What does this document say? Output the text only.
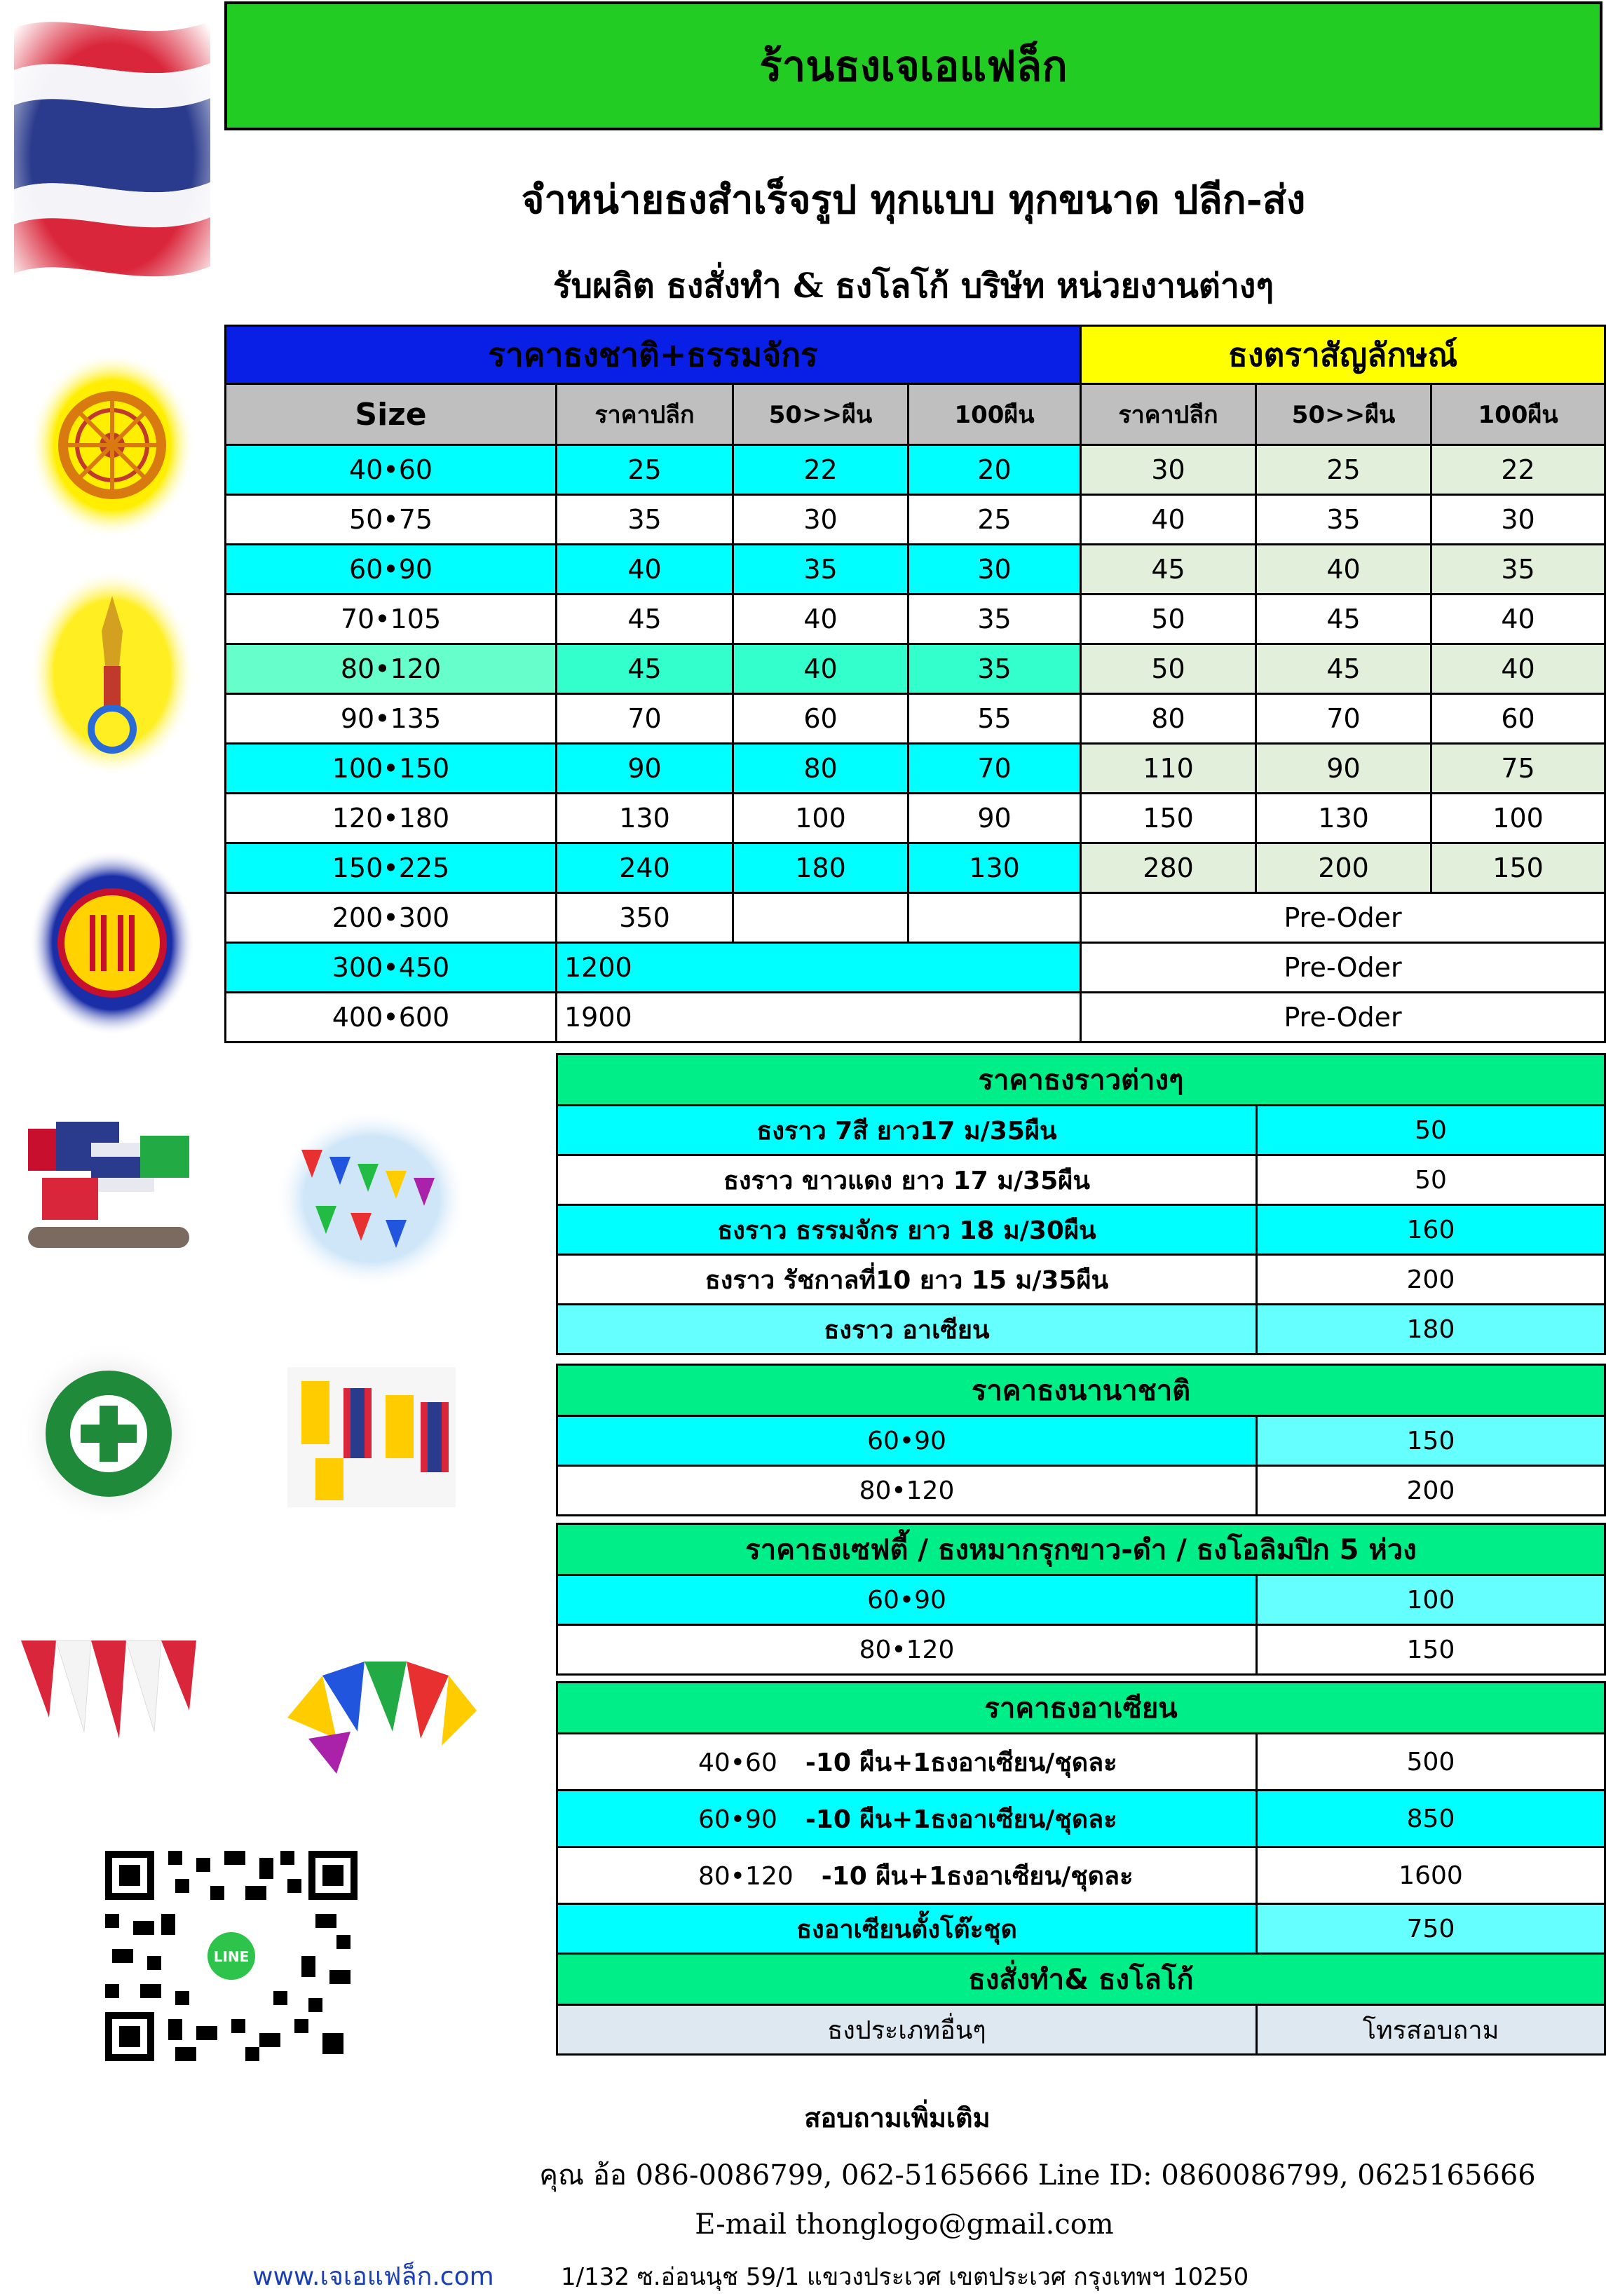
LINE
ร้านธงเจเอแฟล็ก
จำหน่ายธงสำเร็จรูป ทุกแบบ ทุกขนาด ปลีก-ส่ง
รับผลิต ธงสั่งทำ & ธงโลโก้ บริษัท หน่วยงานต่างๆ
ราคาธงชาติ+ธรรมจักร				ธงตราสัญลักษณ์		
Size	ราคาปลีก	50>>ผืน	100ผืน	ราคาปลีก	50>>ผืน	100ผืน
40•60	25	22	20	30	25	22
50•75	35	30	25	40	35	30
60•90	40	35	30	45	40	35
70•105	45	40	35	50	45	40
80•120	45	40	35	50	45	40
90•135	70	60	55	80	70	60
100•150	90	80	70	110	90	75
120•180	130	100	90	150	130	100
150•225	240	180	130	280	200	150
200•300	350			Pre-Oder		
300•450	1200			Pre-Oder		
400•600	1900			Pre-Oder		
ราคาธงราวต่างๆ	
ธงราว 7สี ยาว17 ม/35ผืน	50
ธงราว ขาวแดง ยาว 17 ม/35ผืน	50
ธงราว ธรรมจักร ยาว 18 ม/30ผืน	160
ธงราว รัชกาลที่10 ยาว 15 ม/35ผืน	200
ธงราว อาเซียน	180
ราคาธงนานาชาติ	
60•90	150
80•120	200
ราคาธงเซฟตี้ / ธงหมากรุกขาว-ดำ / ธงโอลิมปิก 5 ห่วง	
60•90	100
80•120	150
ราคาธงอาเซียน	
40•60 -10 ผืน+1ธงอาเซียน/ชุดละ	500
60•90 -10 ผืน+1ธงอาเซียน/ชุดละ	850
80•120 -10 ผืน+1ธงอาเซียน/ชุดละ	1600
ธงอาเซียนตั้งโต๊ะชุด	750
ธงสั่งทำ& ธงโลโก้	
ธงประเภทอื่นๆ	โทรสอบถาม
สอบถามเพิ่มเติม
คุณ อ้อ 086-0086799, 062-5165666 Line ID: 0860086799, 0625165666
E-mail thonglogo@gmail.com
www.เจเอแฟล็ก.com	1/132 ซ.อ่อนนุช 59/1 แขวงประเวศ เขตประเวศ กรุงเทพฯ 10250
